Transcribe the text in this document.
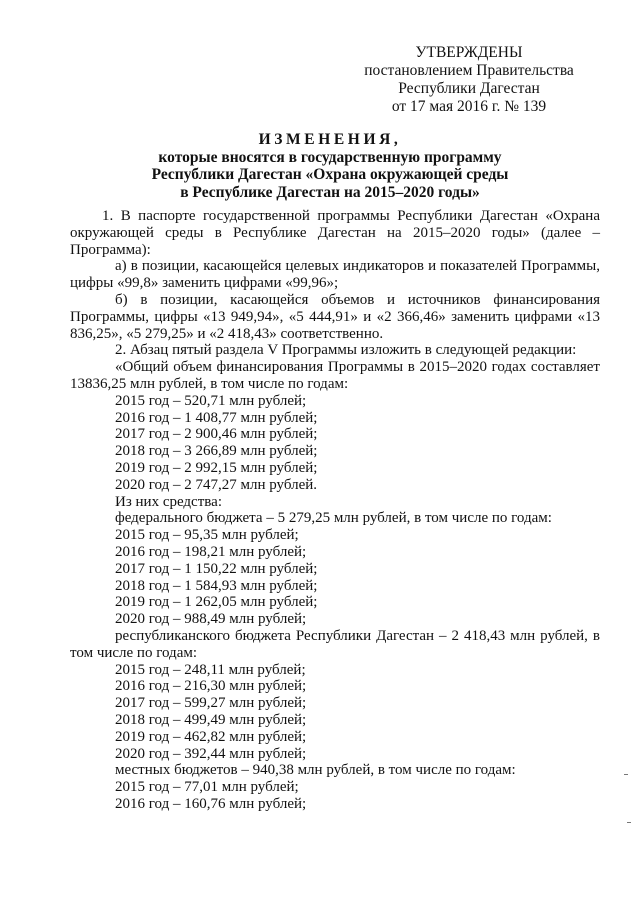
УТВЕРЖДЕНЫ
постановлением Правительства
Республики Дагестан
от 17 мая 2016 г. № 139
ИЗМЕНЕНИЯ,
которые вносятся в государственную программу
Республики Дагестан «Охрана окружающей среды
в Республике Дагестан на 2015–2020 годы»

1. В паспорте государственной программы Республики Дагестан «Охрана окружающей среды в Республике Дагестан на 2015–2020 годы» (далее – Программа):

а) в позиции, касающейся целевых индикаторов и показателей Программы, цифры «99,8» заменить цифрами «99,96»;

б) в позиции, касающейся объемов и источников финансирования Программы, цифры «13 949,94», «5 444,91» и «2 366,46» заменить цифрами «13 836,25», «5 279,25» и «2 418,43» соответственно.

2. Абзац пятый раздела V Программы изложить в следующей редакции:

«Общий объем финансирования Программы в 2015–2020 годах составляет 13836,25 млн рублей, в том числе по годам:

2015 год – 520,71 млн рублей;

2016 год – 1 408,77 млн рублей;

2017 год – 2 900,46 млн рублей;

2018 год – 3 266,89 млн рублей;

2019 год – 2 992,15 млн рублей;

2020 год – 2 747,27 млн рублей.

Из них средства:

федерального бюджета – 5 279,25 млн рублей, в том числе по годам:

2015 год – 95,35 млн рублей;

2016 год – 198,21 млн рублей;

2017 год – 1 150,22 млн рублей;

2018 год – 1 584,93 млн рублей;

2019 год – 1 262,05 млн рублей;

2020 год – 988,49 млн рублей;

республиканского бюджета Республики Дагестан – 2 418,43 млн рублей, в том числе по годам:

2015 год – 248,11 млн рублей;

2016 год – 216,30 млн рублей;

2017 год – 599,27 млн рублей;

2018 год – 499,49 млн рублей;

2019 год – 462,82 млн рублей;

2020 год – 392,44 млн рублей;

местных бюджетов – 940,38 млн рублей, в том числе по годам:

2015 год – 77,01 млн рублей;

2016 год – 160,76 млн рублей;
